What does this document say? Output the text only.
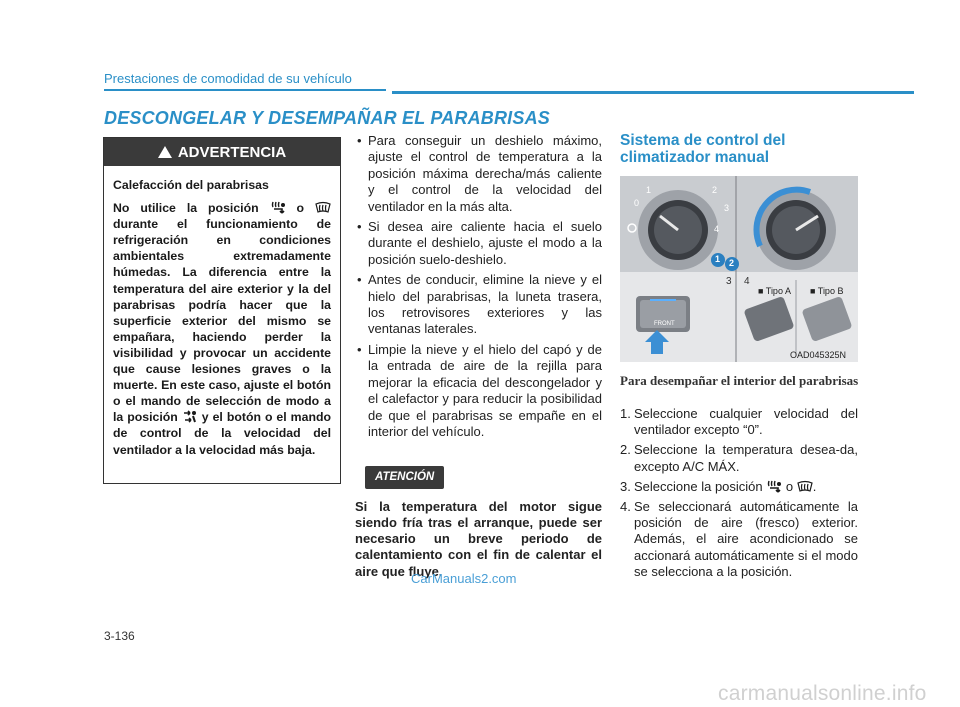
Prestaciones de comodidad de su vehículo
DESCONGELAR Y DESEMPAÑAR EL PARABRISAS
ADVERTENCIA

Calefacción del parabrisas

No utilice la posición	o  durante el funcionamiento de refrigeración en condiciones ambientales extremadamente húmedas. La diferencia entre la temperatura del aire exterior y la del parabrisas podría hacer que la superficie exterior del mismo se empañara, haciendo perder la visibilidad y provocar un accidente que cause lesiones graves o la muerte. En este caso, ajuste el botón o el mando de selección de modo a la posición y el botón o el mando de control de la velocidad del ventilador a la velocidad más baja.

• Para conseguir un deshielo máximo, ajuste el control de temperatura a la posición máxima derecha/más caliente y el control de la velocidad del ventilador en la más alta.
• Si desea aire caliente hacia el suelo durante el deshielo, ajuste el modo a la posición suelo-deshielo.
• Antes de conducir, elimine la nieve y el hielo del parabrisas, la luneta trasera, los retrovisores exteriores y las ventanas laterales.
• Limpie la nieve y el hielo del capó y de la entrada de aire de la rejilla para mejorar la eficacia del descongelador y el calefactor y para reducir la posibilidad de que el parabrisas se empañe en el interior del vehículo.
ATENCIÓN
Si la temperatura del motor sigue siendo fría tras el arranque, puede ser necesario un breve periodo de calentamiento con el fin de calentar el aire que fluye.
CarManuals2.com
Sistema de control del climatizador manual
0
1	2
3
4
1 2
3 4
■ Tipo A ■ Tipo B
FRONT
OAD045325N
Para desempañar el interior del parabrisas
1. Seleccione cualquier velocidad del ventilador excepto “0”.
2. Seleccione la temperatura desea-da, excepto A/C MÁX.
3. Seleccione la posición o .
4. Se seleccionará automáticamente la posición de aire (fresco) exterior. Además, el aire acondicionado se accionará automáticamente si el modo se selecciona a la posición.
3-136
carmanualsonline.info
